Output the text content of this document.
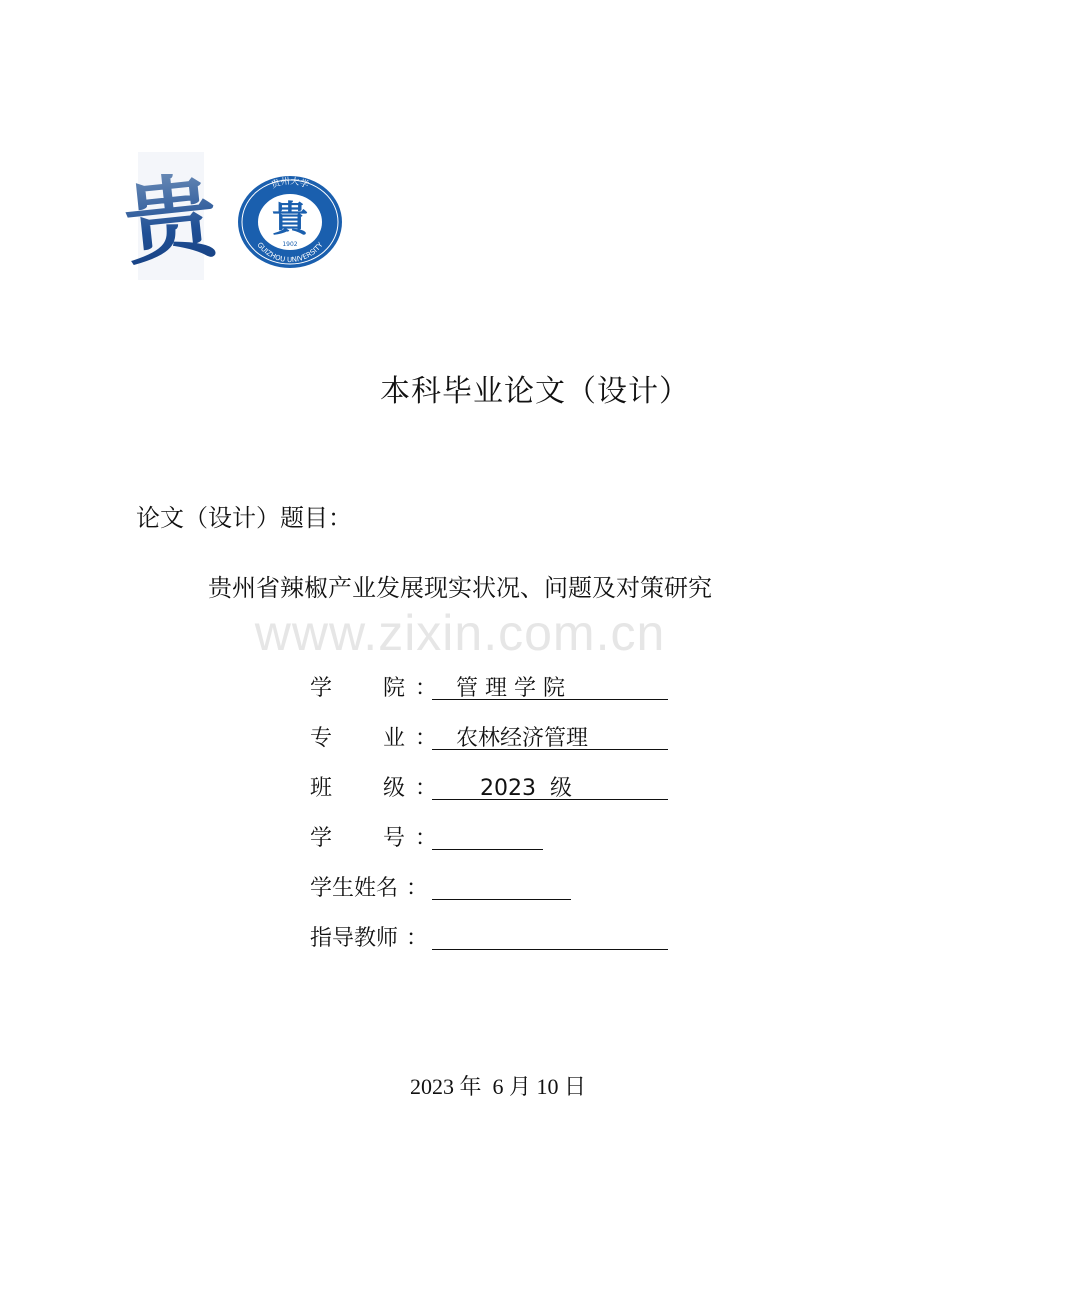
贵	贵州大学
GUIZHOU UNIVERSITY
貴
1902
本科毕业论文（设计）
论文（设计）题目：
贵州省辣椒产业发展现实状况、问题及对策研究
www.zixin.com.cn
学 院 ： 管 理 学 院
专 业 ： 农林经济管理
班 级 ： 2023  级
学 号 ：
学生姓名 ：
指导教师 ：
2023 年  6 月 10 日
